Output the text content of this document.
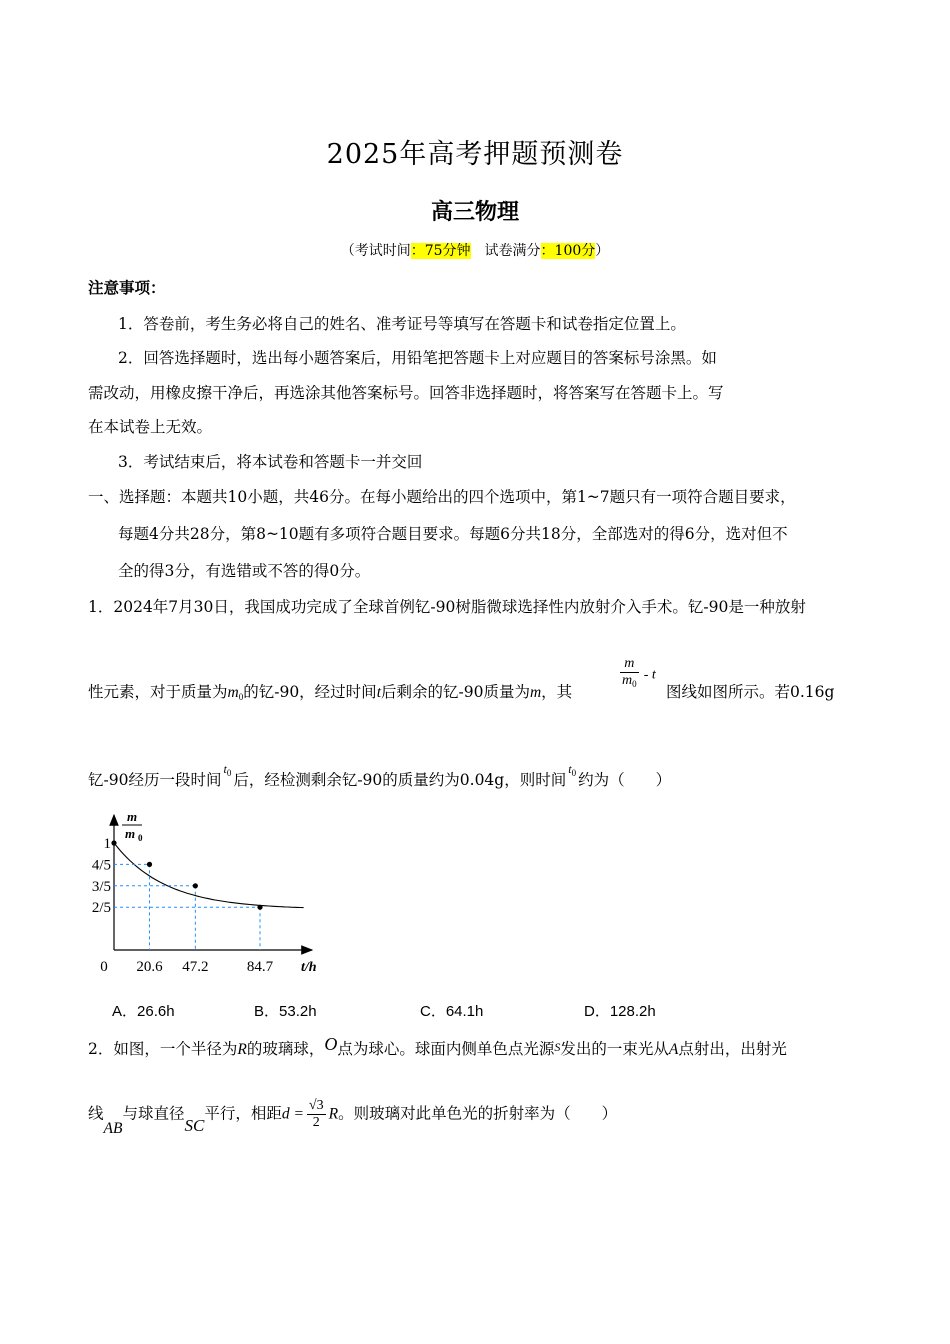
2025年高考押题预测卷
高三物理
（考试时间：75分钟　试卷满分：100分）
注意事项：
1．答卷前，考生务必将自己的姓名、准考证号等填写在答题卡和试卷指定位置上。
2．回答选择题时，选出每小题答案后，用铅笔把答题卡上对应题目的答案标号涂黑。如
需改动，用橡皮擦干净后，再选涂其他答案标号。回答非选择题时，将答案写在答题卡上。写
在本试卷上无效。
3．考试结束后，将本试卷和答题卡一并交回
一、选择题：本题共10小题，共46分。在每小题给出的四个选项中，第1~7题只有一项符合题目要求，
每题4分共28分，第8~10题有多项符合题目要求。每题6分共18分，全部选对的得6分，选对但不
全的得3分，有选错或不答的得0分。
1．2024年7月30日，我国成功完成了全球首例钇-90树脂微球选择性内放射介入手术。钇-90是一种放射
性元素，对于质量为$m_0$的钇-90，经过时间t后剩余的钇-90质量为m，其	$\frac{m}{m_0}$ - t
图线如图所示。若0.16g
钇-90经历一段时间$^{t_0}$ 后，经检测剩余钇-90的质量约为0.04g，则时间$^{t_0}$ 约为（　　）
m
m 0
t/h
0
1
4/5
3/5
2/5
20.6 47.2	84.7
A．26.6h	B．53.2h	C．64.1h	D．128.2h
2．如图，一个半径为R的玻璃球，O点为球心。球面内侧单色点光源S发出的一束光从A点射出，出射光
线AB与球直径SC平行，相距$d = \frac{√3}{2}$ R。则玻璃对此单色光的折射率为（　　）
